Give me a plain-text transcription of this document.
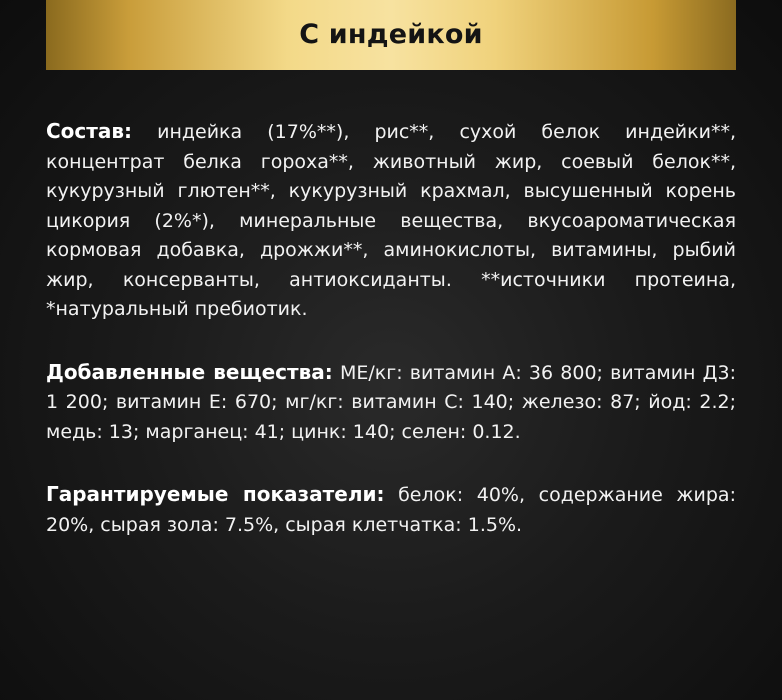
С индейкой

Состав: индейка (17%**), рис**, сухой белок индейки**, концентрат белка гороха**, животный жир, соевый белок**, кукурузный глютен**, кукурузный крахмал, высушенный корень цикория (2%*), минеральные вещества, вкусоароматическая кормовая добавка, дрожжи**, аминокислоты, витамины, рыбий жир, консерванты, антиоксиданты. **источники протеина, *натуральный пребиотик.

Добавленные вещества: МЕ/кг: витамин А: 36 800; витамин Д3: 1 200; витамин Е: 670; мг/кг: витамин С: 140; железо: 87; йод: 2.2; медь: 13; марганец: 41; цинк: 140; селен: 0.12.

Гарантируемые показатели: белок: 40%, содержание жира: 20%, сырая зола: 7.5%, сырая клетчатка: 1.5%.
